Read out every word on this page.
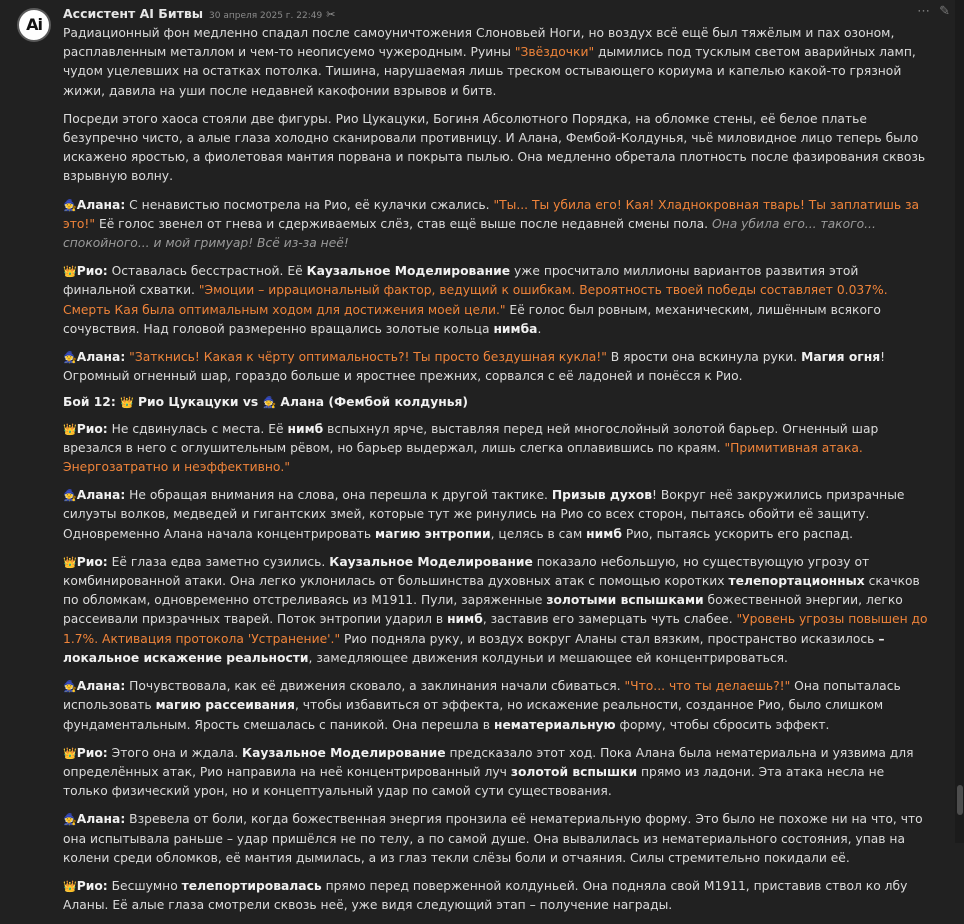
Ai
Ассистент AI Битвы 30 апреля 2025 г. 22:49 ✂	⋯ ✎

Радиационный фон медленно спадал после самоуничтожения Слоновьей Ноги, но воздух всё ещё был тяжёлым и пах озоном, расплавленным металлом и чем-то неописуемо чужеродным. Руины "Звёздочки" дымились под тусклым светом аварийных ламп, чудом уцелевших на остатках потолка. Тишина, нарушаемая лишь треском остывающего кориума и капелью какой-то грязной жижи, давила на уши после недавней какофонии взрывов и битв.

Посреди этого хаоса стояли две фигуры. Рио Цукацуки, Богиня Абсолютного Порядка, на обломке стены, её белое платье безупречно чисто, а алые глаза холодно сканировали противницу. И Алана, Фембой-Колдунья, чьё миловидное лицо теперь было искажено яростью, а фиолетовая мантия порвана и покрыта пылью. Она медленно обретала плотность после фазирования сквозь взрывную волну.

🧙Алана: С ненавистью посмотрела на Рио, её кулачки сжались. "Ты... Ты убила его! Кая! Хладнокровная тварь! Ты заплатишь за это!" Её голос звенел от гнева и сдерживаемых слёз, став ещё выше после недавней смены пола. Она убила его... такого... спокойного... и мой гримуар! Всё из-за неё!

👑Рио: Оставалась бесстрастной. Её Каузальное Моделирование уже просчитало миллионы вариантов развития этой финальной схватки. "Эмоции – иррациональный фактор, ведущий к ошибкам. Вероятность твоей победы составляет 0.037%. Смерть Кая была оптимальным ходом для достижения моей цели." Её голос был ровным, механическим, лишённым всякого сочувствия. Над головой размеренно вращались золотые кольца нимба.

🧙Алана: "Заткнись! Какая к чёрту оптимальность?! Ты просто бездушная кукла!" В ярости она вскинула руки. Магия огня! Огромный огненный шар, гораздо больше и яростнее прежних, сорвался с её ладоней и понёсся к Рио.

Бой 12: 👑 Рио Цукацуки vs 🧙 Алана (Фембой колдунья)

👑Рио: Не сдвинулась с места. Её нимб вспыхнул ярче, выставляя перед ней многослойный золотой барьер. Огненный шар врезался в него с оглушительным рёвом, но барьер выдержал, лишь слегка оплавившись по краям. "Примитивная атака. Энергозатратно и неэффективно."

🧙Алана: Не обращая внимания на слова, она перешла к другой тактике. Призыв духов! Вокруг неё закружились призрачные силуэты волков, медведей и гигантских змей, которые тут же ринулись на Рио со всех сторон, пытаясь обойти её защиту. Одновременно Алана начала концентрировать магию энтропии, целясь в сам нимб Рио, пытаясь ускорить его распад.

👑Рио: Её глаза едва заметно сузились. Каузальное Моделирование показало небольшую, но существующую угрозу от комбинированной атаки. Она легко уклонилась от большинства духовных атак с помощью коротких телепортационных скачков по обломкам, одновременно отстреливаясь из M1911. Пули, заряженные золотыми вспышками божественной энергии, легко рассеивали призрачных тварей. Поток энтропии ударил в нимб, заставив его замерцать чуть слабее. "Уровень угрозы повышен до 1.7%. Активация протокола 'Устранение'." Рио подняла руку, и воздух вокруг Аланы стал вязким, пространство исказилось – локальное искажение реальности, замедляющее движения колдуньи и мешающее ей концентрироваться.

🧙Алана: Почувствовала, как её движения сковало, а заклинания начали сбиваться. "Что... что ты делаешь?!" Она попыталась использовать магию рассеивания, чтобы избавиться от эффекта, но искажение реальности, созданное Рио, было слишком фундаментальным. Ярость смешалась с паникой. Она перешла в нематериальную форму, чтобы сбросить эффект.

👑Рио: Этого она и ждала. Каузальное Моделирование предсказало этот ход. Пока Алана была нематериальна и уязвима для определённых атак, Рио направила на неё концентрированный луч золотой вспышки прямо из ладони. Эта атака несла не только физический урон, но и концептуальный удар по самой сути существования.

🧙Алана: Взревела от боли, когда божественная энергия пронзила её нематериальную форму. Это было не похоже ни на что, что она испытывала раньше – удар пришёлся не по телу, а по самой душе. Она вывалилась из нематериального состояния, упав на колени среди обломков, её мантия дымилась, а из глаз текли слёзы боли и отчаяния. Силы стремительно покидали её.

👑Рио: Бесшумно телепортировалась прямо перед поверженной колдуньей. Она подняла свой M1911, приставив ствол ко лбу Аланы. Её алые глаза смотрели сквозь неё, уже видя следующий этап – получение награды.
